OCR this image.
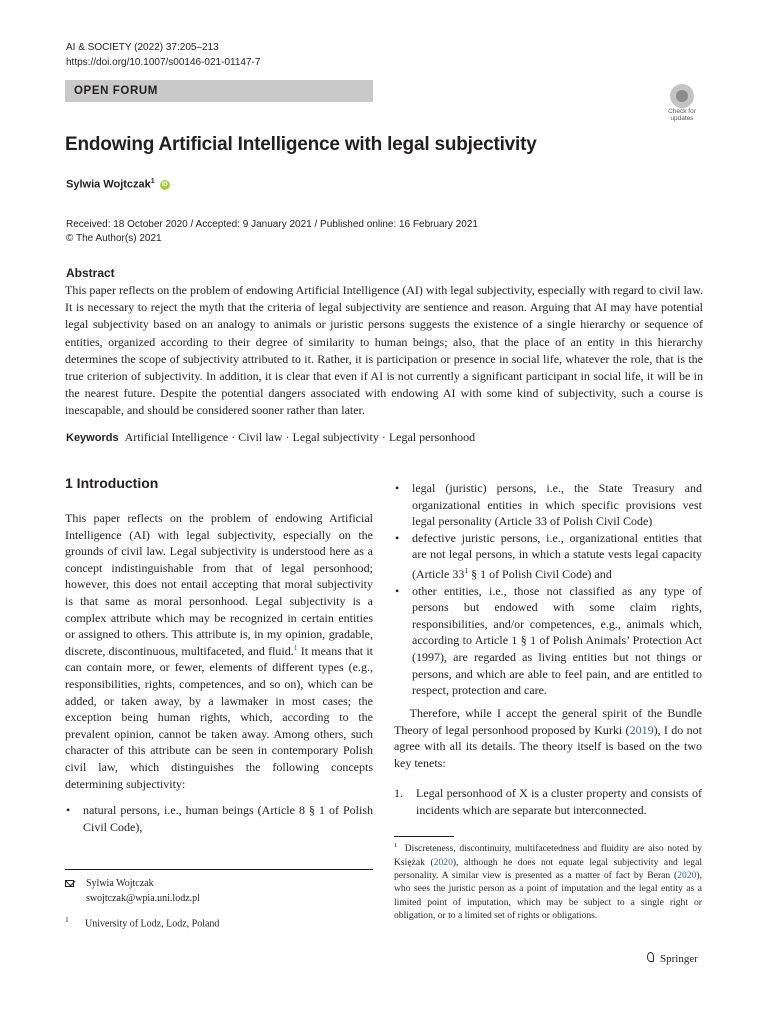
AI & SOCIETY (2022) 37:205–213
https://doi.org/10.1007/s00146-021-01147-7
OPEN FORUM
Check for
updates
Endowing Artificial Intelligence with legal subjectivity
Sylwia Wojtczak$^1$ iD
Received: 18 October 2020 / Accepted: 9 January 2021 / Published online: 16 February 2021
© The Author(s) 2021
Abstract
This paper reflects on the problem of endowing Artificial Intelligence (AI) with legal subjectivity, especially with regard to civil law. It is necessary to reject the myth that the criteria of legal subjectivity are sentience and reason. Arguing that AI may have potential legal subjectivity based on an analogy to animals or juristic persons suggests the existence of a single hierarchy or sequence of entities, organized according to their degree of similarity to human beings; also, that the place of an entity in this hierarchy determines the scope of subjectivity attributed to it. Rather, it is participation or presence in social life, whatever the role, that is the true criterion of subjectivity. In addition, it is clear that even if AI is not currently a significant participant in social life, it will be in the nearest future. Despite the potential dangers associated with endowing AI with some kind of subjectivity, such a course is inescapable, and should be considered sooner rather than later.
Keywords Artificial Intelligence · Civil law · Legal subjectivity · Legal personhood
1 Introduction
This paper reflects on the problem of endowing Artificial Intelligence (AI) with legal subjectivity, especially on the grounds of civil law. Legal subjectivity is understood here as a concept indistinguishable from that of legal personhood; however, this does not entail accepting that moral subjectivity is that same as moral personhood. Legal subjectivity is a complex attribute which may be recognized in certain entities or assigned to others. This attribute is, in my opinion, gradable, discrete, discontinuous, multifaceted, and fluid.$^1$ It means that it can contain more, or fewer, elements of different types (e.g., responsibilities, rights, competences, and so on), which can be added, or taken away, by a lawmaker in most cases; the exception being human rights, which, according to the prevalent opinion, cannot be taken away. Among others, such character of this attribute can be seen in contemporary Polish civil law, which distinguishes the following concepts determining subjectivity:
• natural persons, i.e., human beings (Article 8 § 1 of Polish Civil Code),
• legal (juristic) persons, i.e., the State Treasury and organizational entities in which specific provisions vest legal personality (Article 33 of Polish Civil Code)
• defective juristic persons, i.e., organizational entities that are not legal persons, in which a statute vests legal capacity (Article $33^1$ § 1 of Polish Civil Code) and
• other entities, i.e., those not classified as any type of persons but endowed with some claim rights, responsibilities, and/or competences, e.g., animals which, according to Article 1 § 1 of Polish Animals’ Protection Act (1997), are regarded as living entities but not things or persons, and which are able to feel pain, and are entitled to respect, protection and care.
Therefore, while I accept the general spirit of the Bundle Theory of legal personhood proposed by Kurki (2019), I do not agree with all its details. The theory itself is based on the two key tenets:
1. Legal personhood of X is a cluster property and consists of incidents which are separate but interconnected.
Sylwia Wojtczak
swojtczak@wpia.uni.lodz.pl
1 University of Lodz, Lodz, Poland
$^1$ Discreteness, discontinuity, multifacetedness and fluidity are also noted by Księżak (2020), although he does not equate legal subjectivity and legal personality. A similar view is presented as a matter of fact by Beran (2020), who sees the juristic person as a point of imputation and the legal entity as a limited point of imputation, which may be subject to a single right or obligation, or to a limited set of rights or obligations.
Springer
